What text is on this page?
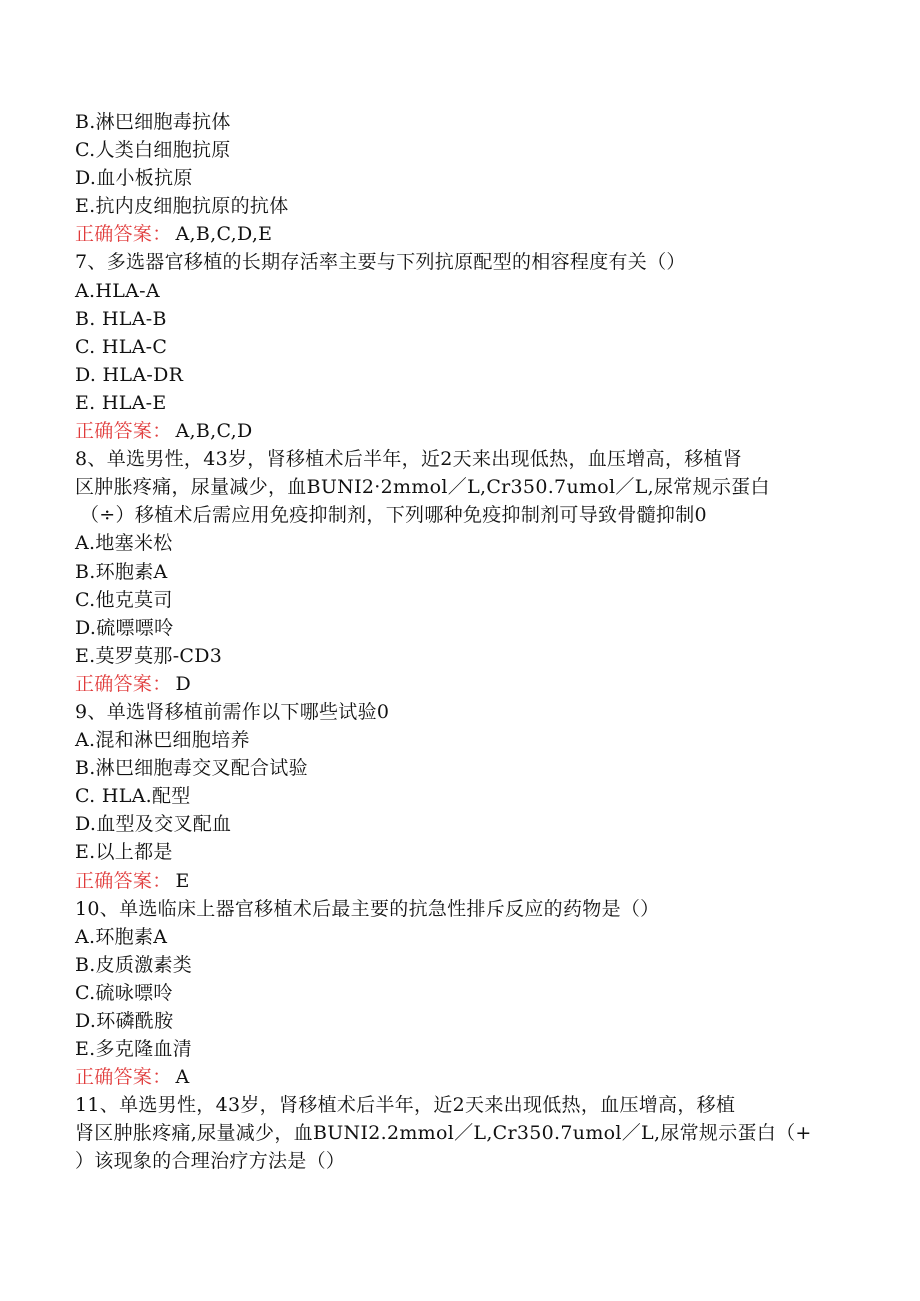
B.淋巴细胞毒抗体
C.人类白细胞抗原
D.血小板抗原
E.抗内皮细胞抗原的抗体
正确答案： A,B,C,D,E
7、多选器官移植的长期存活率主要与下列抗原配型的相容程度有关（）
A.HLA-A
B. HLA-B
C. HLA-C
D. HLA-DR
E. HLA-E
正确答案： A,B,C,D
8、单选男性，43岁，肾移植术后半年，近2天来出现低热，血压增高，移植肾
区肿胀疼痛，尿量减少，血BUNI2·2mmol／L,Cr350.7umol／L,尿常规示蛋白
（÷）移植术后需应用免疫抑制剂，下列哪种免疫抑制剂可导致骨髓抑制0
A.地塞米松
B.环胞素A
C.他克莫司
D.硫嘌嘌呤
E.莫罗莫那-CD3
正确答案： D
9、单选肾移植前需作以下哪些试验0
A.混和淋巴细胞培养
B.淋巴细胞毒交叉配合试验
C. HLA.配型
D.血型及交叉配血
E.以上都是
正确答案： E
10、单选临床上器官移植术后最主要的抗急性排斥反应的药物是（）
A.环胞素A
B.皮质激素类
C.硫咏嘌呤
D.环磷酰胺
E.多克隆血清
正确答案： A
11、单选男性，43岁，肾移植术后半年，近2天来出现低热，血压增高，移植
肾区肿胀疼痛,尿量减少，血BUNI2.2mmol／L,Cr350.7umol／L,尿常规示蛋白（+
）该现象的合理治疗方法是（）
